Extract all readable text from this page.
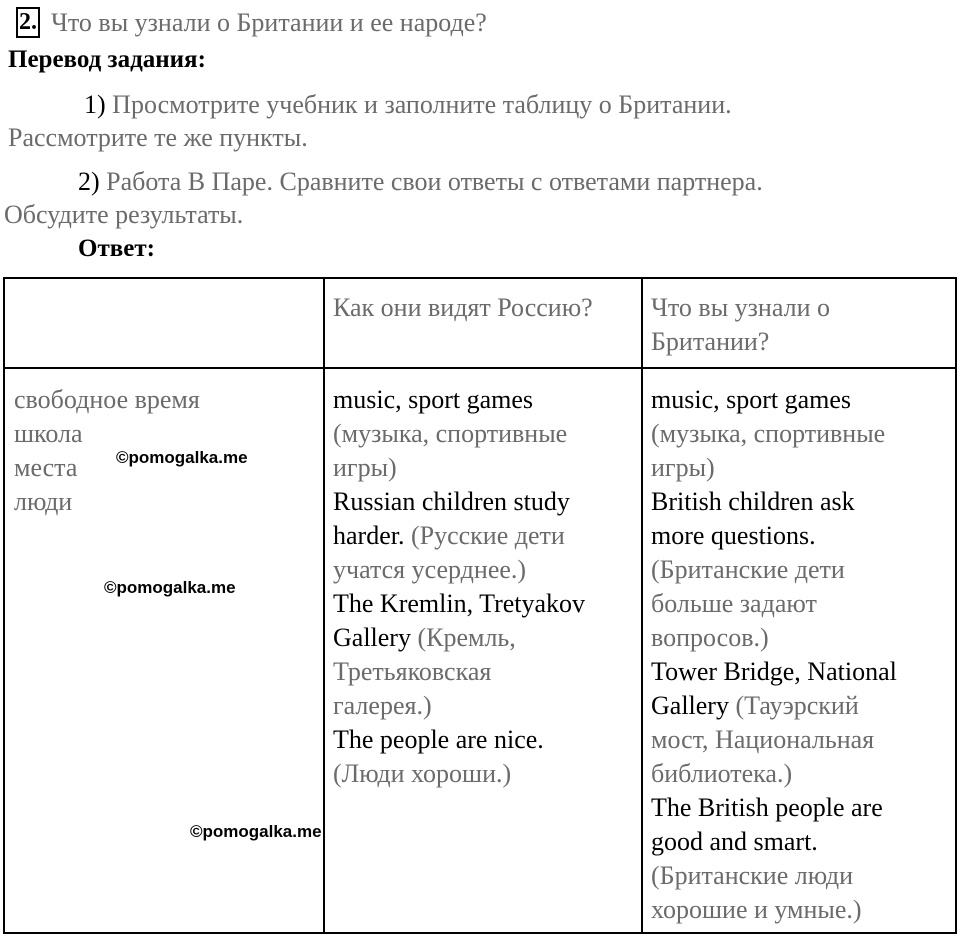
2. Что вы узнали о Британии и ее народе?
Перевод задания:
1) Просмотрите учебник и заполните таблицу о Британии.
Рассмотрите те же пункты.
2) Работа В Паре. Сравните свои ответы с ответами партнера.
Обсудите результаты.
Ответ:
Как они видят Россию? Что вы узнали о
Британии?
свободное время
школа
места
люди
music, sport games
(музыка, спортивные
игры)
Russian children study
harder. (Русские дети
учатся усерднее.)
The Kremlin, Tretyakov
Gallery (Кремль,
Третьяковская
галерея.)
The people are nice.
(Люди хороши.)
music, sport games
(музыка, спортивные
игры)
British children ask
more questions.
(Британские дети
больше задают
вопросов.)
Tower Bridge, National
Gallery (Тауэрский
мост, Национальная
библиотека.)
The British people are
good and smart.
(Британские люди
хорошие и умные.)
©pomogalka.me
©pomogalka.me
©pomogalka.me
